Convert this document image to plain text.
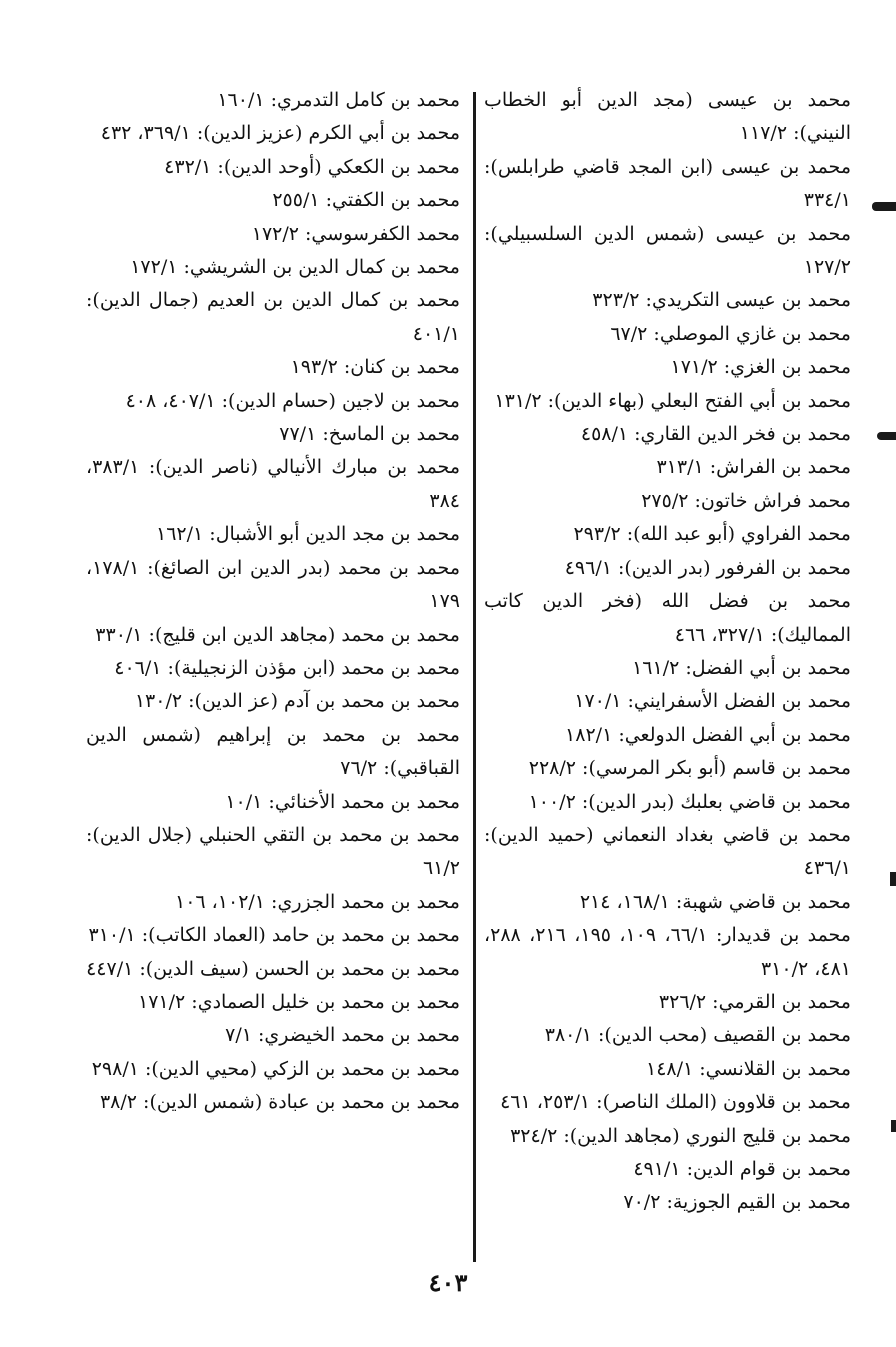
محمد بن عيسى (مجد الدين أبو الخطاب النيني): ١١٧/٢

محمد بن عيسى (ابن المجد قاضي طرابلس): ٣٣٤/١

محمد بن عيسى (شمس الدين السلسبيلي): ١٢٧/٢

محمد بن عيسى التكريدي: ٣٢٣/٢

محمد بن غازي الموصلي: ٦٧/٢

محمد بن الغزي: ١٧١/٢

محمد بن أبي الفتح البعلي (بهاء الدين): ١٣١/٢

محمد بن فخر الدين القاري: ٤٥٨/١

محمد بن الفراش: ٣١٣/١

محمد فراش خاتون: ٢٧٥/٢

محمد الفراوي (أبو عبد الله): ٢٩٣/٢

محمد بن الفرفور (بدر الدين): ٤٩٦/١

محمد بن فضل الله (فخر الدين كاتب المماليك): ٣٢٧/١، ٤٦٦

محمد بن أبي الفضل: ١٦١/٢

محمد بن الفضل الأسفرايني: ١٧٠/١

محمد بن أبي الفضل الدولعي: ١٨٢/١

محمد بن قاسم (أبو بكر المرسي): ٢٢٨/٢

محمد بن قاضي بعلبك (بدر الدين): ١٠٠/٢

محمد بن قاضي بغداد النعماني (حميد الدين): ٤٣٦/١

محمد بن قاضي شهبة: ١٦٨/١، ٢١٤

محمد بن قديدار: ٦٦/١، ١٠٩، ١٩٥، ٢١٦، ٢٨٨، ٤٨١، ٣١٠/٢

محمد بن القرمي: ٣٢٦/٢

محمد بن القصيف (محب الدين): ٣٨٠/١

محمد بن القلانسي: ١٤٨/١

محمد بن قلاوون (الملك الناصر): ٢٥٣/١، ٤٦١

محمد بن قليج النوري (مجاهد الدين): ٣٢٤/٢

محمد بن قوام الدين: ٤٩١/١

محمد بن القيم الجوزية: ٧٠/٢

محمد بن كامل التدمري: ١٦٠/١

محمد بن أبي الكرم (عزيز الدين): ٣٦٩/١، ٤٣٢

محمد بن الكعكي (أوحد الدين): ٤٣٢/١

محمد بن الكفتي: ٢٥٥/١

محمد الكفرسوسي: ١٧٢/٢

محمد بن كمال الدين بن الشريشي: ١٧٢/١

محمد بن كمال الدين بن العديم (جمال الدين): ٤٠١/١

محمد بن كنان: ١٩٣/٢

محمد بن لاجين (حسام الدين): ٤٠٧/١، ٤٠٨

محمد بن الماسخ: ٧٧/١

محمد بن مبارك الأنيالي (ناصر الدين): ٣٨٣/١، ٣٨٤

محمد بن مجد الدين أبو الأشبال: ١٦٢/١

محمد بن محمد (بدر الدين ابن الصائغ): ١٧٨/١، ١٧٩

محمد بن محمد (مجاهد الدين ابن قليج): ٣٣٠/١

محمد بن محمد (ابن مؤذن الزنجيلية): ٤٠٦/١

محمد بن محمد بن آدم (عز الدين): ١٣٠/٢

محمد بن محمد بن إبراهيم (شمس الدين القباقبي): ٧٦/٢

محمد بن محمد الأخنائي: ١٠/١

محمد بن محمد بن التقي الحنبلي (جلال الدين): ٦١/٢

محمد بن محمد الجزري: ١٠٢/١، ١٠٦

محمد بن محمد بن حامد (العماد الكاتب): ٣١٠/١

محمد بن محمد بن الحسن (سيف الدين): ٤٤٧/١

محمد بن محمد بن خليل الصمادي: ١٧١/٢

محمد بن محمد الخيضري: ٧/١

محمد بن محمد بن الزكي (محيي الدين): ٢٩٨/١

محمد بن محمد بن عبادة (شمس الدين): ٣٨/٢

٤٠٣
